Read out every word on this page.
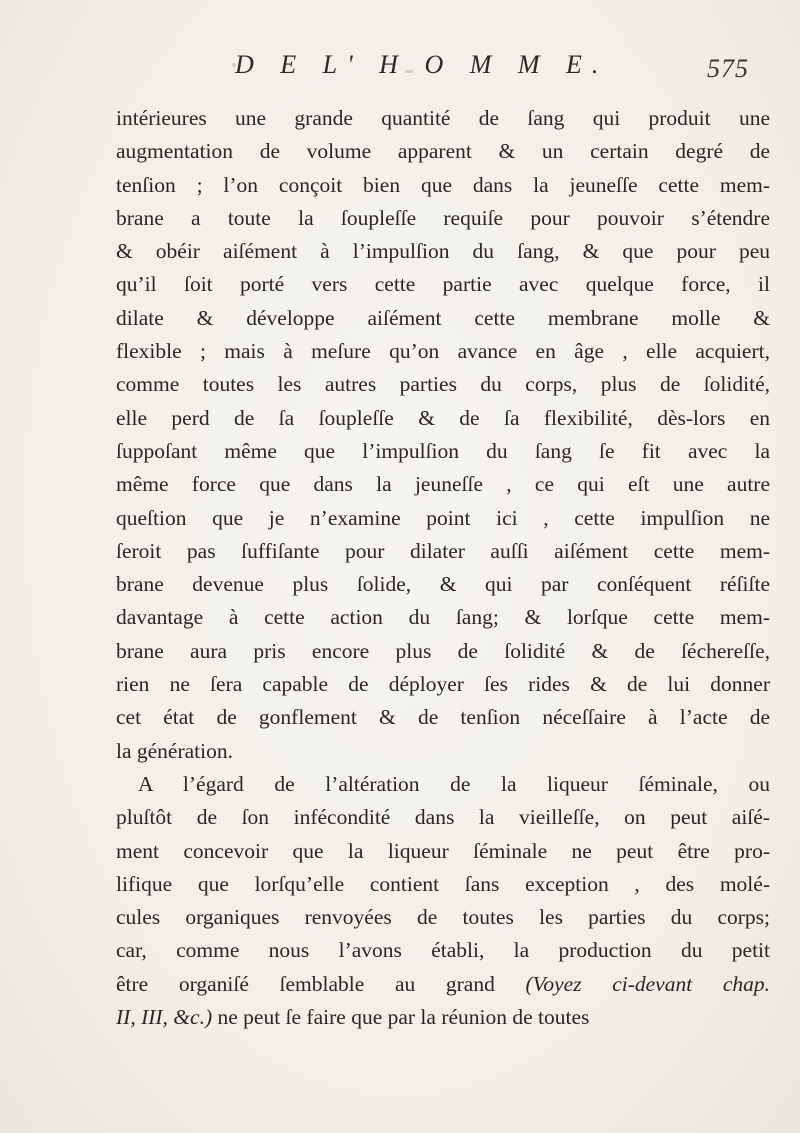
D E L' H O M M E.	575
intérieures une grande quantité de ſang qui produit une
augmentation de volume apparent & un certain degré de
tenſion ; l’on conçoit bien que dans la jeuneſſe cette mem-
brane a toute la ſoupleſſe requiſe pour pouvoir s’étendre
& obéir aiſément à l’impulſion du ſang, & que pour peu
qu’il ſoit porté vers cette partie avec quelque force, il
dilate & développe aiſément cette membrane molle &
flexible ; mais à meſure qu’on avance en âge , elle acquiert,
comme toutes les autres parties du corps, plus de ſolidité,
elle perd de ſa ſoupleſſe & de ſa flexibilité, dès-lors en
ſuppoſant même que l’impulſion du ſang ſe fit avec la
même force que dans la jeuneſſe , ce qui eſt une autre
queſtion que je n’examine point ici , cette impulſion ne
ſeroit pas ſuffiſante pour dilater auſſi aiſément cette mem-
brane devenue plus ſolide, & qui par conſéquent réſiſte
davantage à cette action du ſang; & lorſque cette mem-
brane aura pris encore plus de ſolidité & de ſéchereſſe,
rien ne ſera capable de déployer ſes rides & de lui donner
cet état de gonflement & de tenſion néceſſaire à l’acte de
la génération.
A l’égard de l’altération de la liqueur ſéminale, ou
pluſtôt de ſon infécondité dans la vieilleſſe, on peut aiſé-
ment concevoir que la liqueur ſéminale ne peut être pro-
lifique que lorſqu’elle contient ſans exception , des molé-
cules organiques renvoyées de toutes les parties du corps;
car, comme nous l’avons établi, la production du petit
être organiſé ſemblable au grand (Voyez ci-devant chap.
II, III, &c.) ne peut ſe faire que par la réunion de toutes
